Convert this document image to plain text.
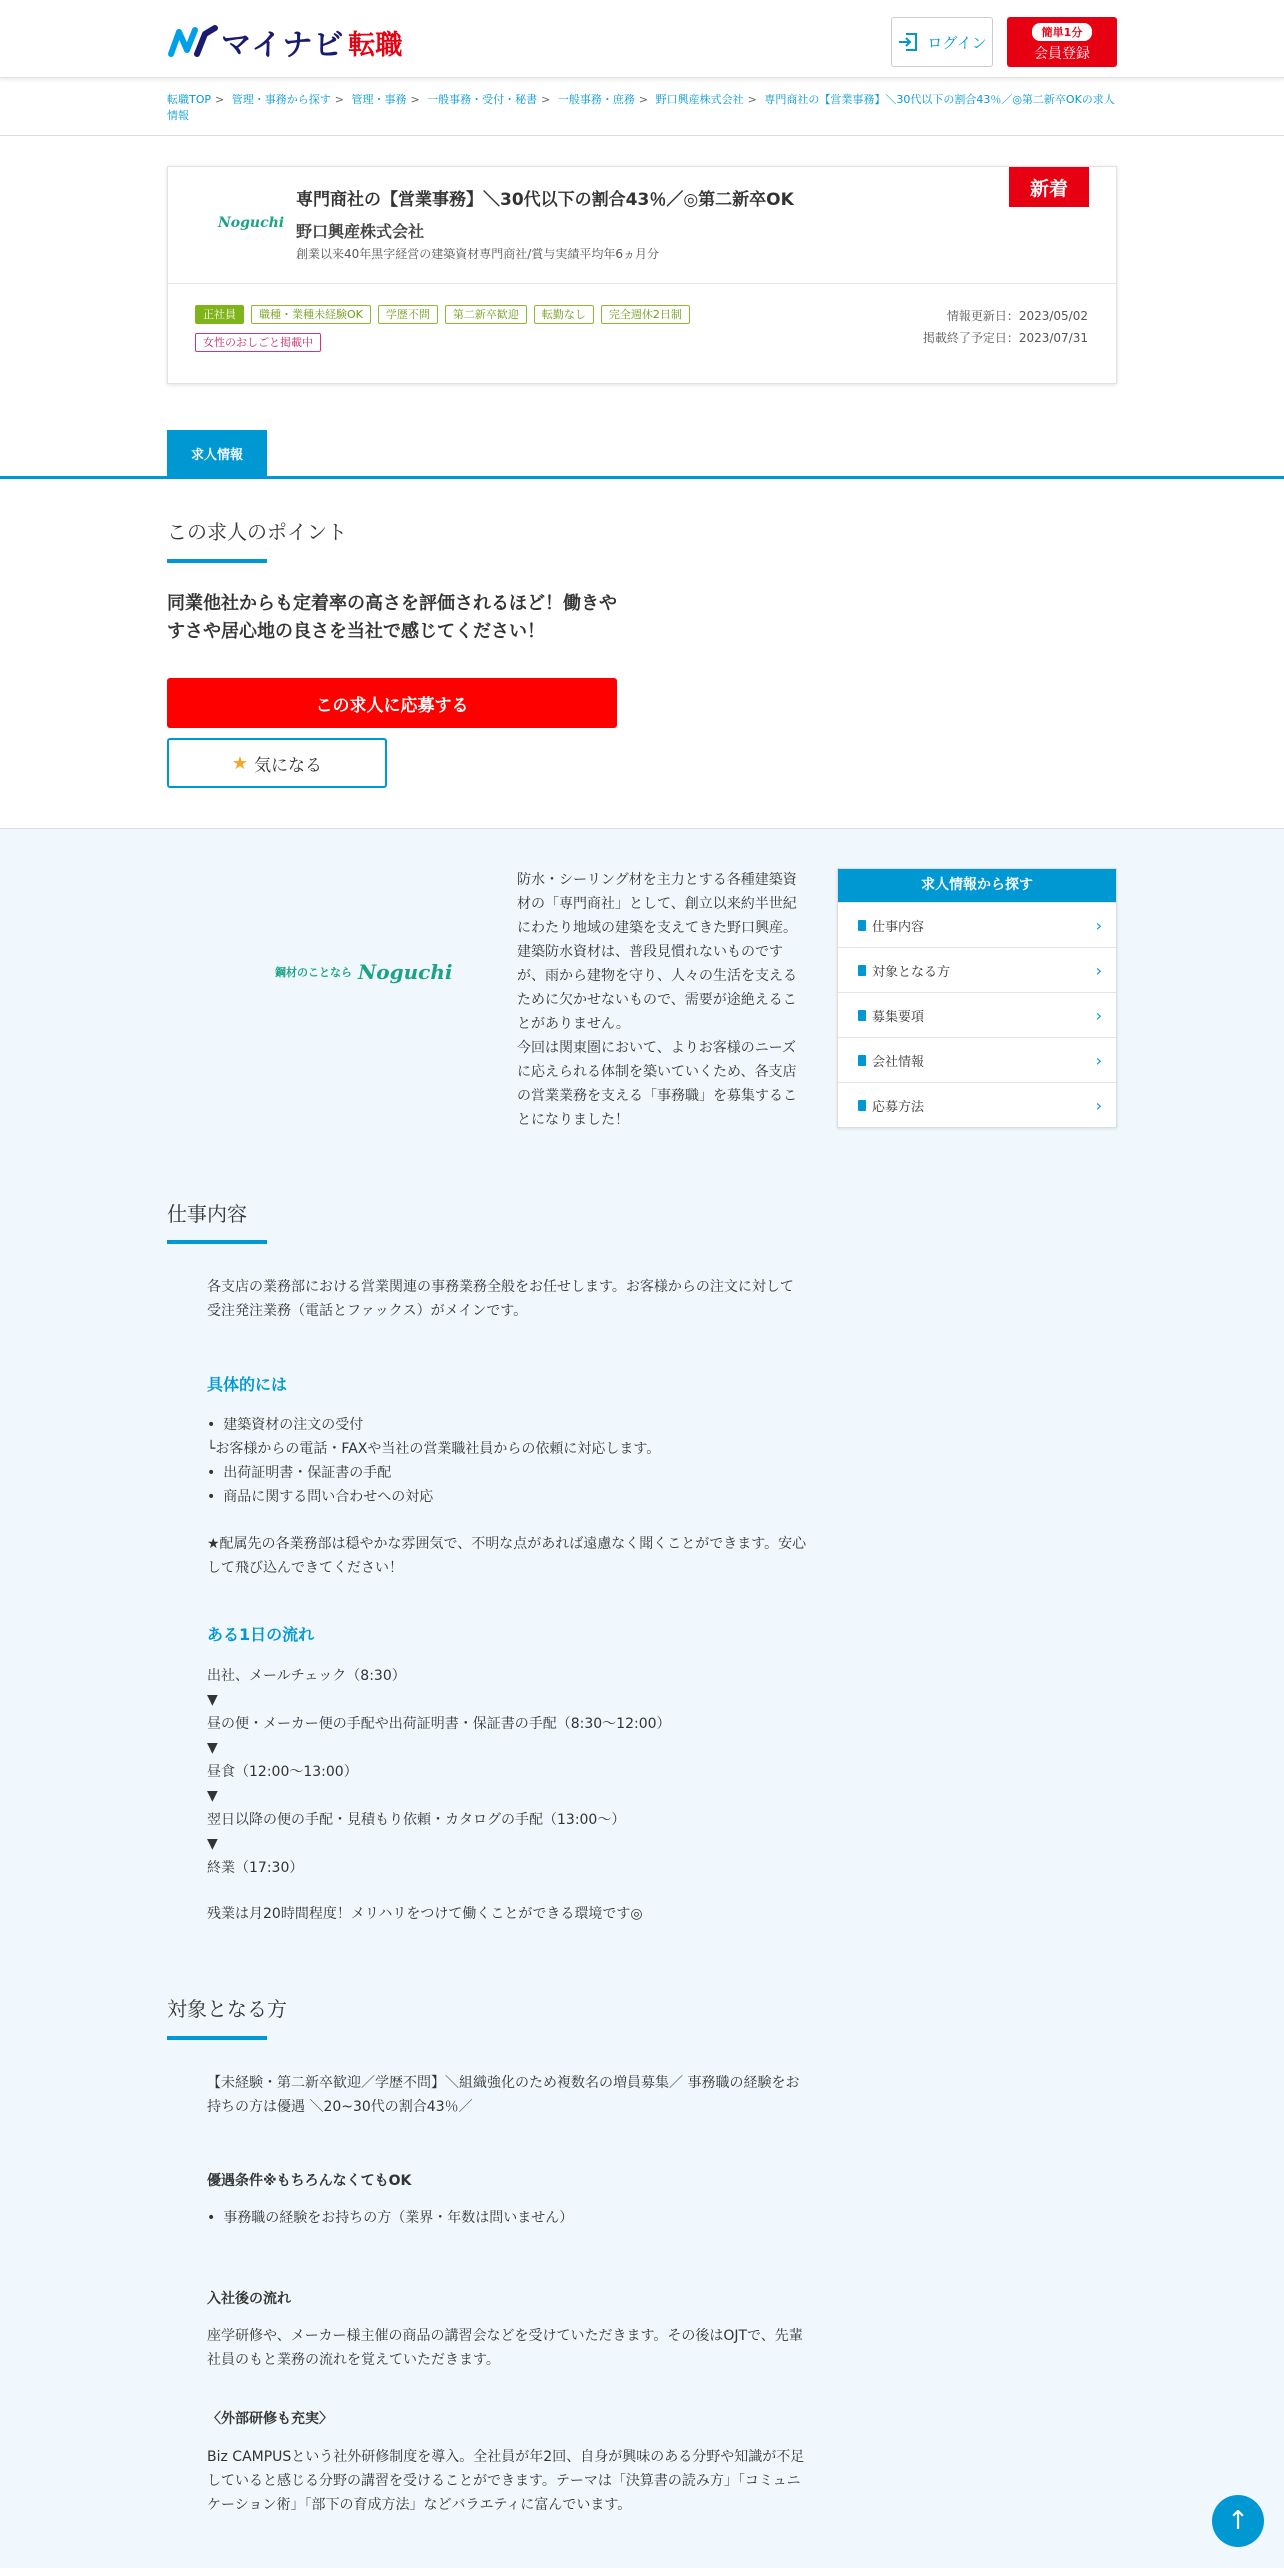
マイナビ 転職	ログイン
簡単1分
会員登録
転職TOP > 管理・事務から探す > 管理・事務 > 一般事務・受付・秘書 > 一般事務・庶務 > 野口興産株式会社 > 専門商社の【営業事務】＼30代以下の割合43％／◎第二新卒OKの求人情報
Noguchi
専門商社の【営業事務】＼30代以下の割合43％／◎第二新卒OK
野口興産株式会社
創業以来40年黒字経営の建築資材専門商社/賞与実績平均年6ヵ月分
新着
正社員 職種・業種未経験OK 学歴不問 第二新卒歓迎 転勤なし 完全週休2日制
女性のおしごと掲載中
情報更新日：2023/05/02
掲載終了予定日：2023/07/31
求人情報
この求人のポイント
同業他社からも定着率の高さを評価されるほど！働きやすさや居心地の良さを当社で感じてください！
この求人に応募する
★ 気になる
鋼材のことなら Noguchi
防水・シーリング材を主力とする各種建築資材の「専門商社」として、創立以来約半世紀にわたり地域の建築を支えてきた野口興産。建築防水資材は、普段見慣れないものですが、雨から建物を守り、人々の生活を支えるために欠かせないもので、需要が途絶えることがありません。
今回は関東圏において、よりお客様のニーズに応えられる体制を築いていくため、各支店の営業業務を支える「事務職」を募集することになりました！
求人情報から探す
仕事内容	›
対象となる方	›
募集要項	›
会社情報	›
応募方法	›
仕事内容
各支店の業務部における営業関連の事務業務全般をお任せします。お客様からの注文に対して受注発注業務（電話とファックス）がメインです。
具体的には
• 建築資材の注文の受付
└お客様からの電話・FAXや当社の営業職社員からの依頼に対応します。
• 出荷証明書・保証書の手配
• 商品に関する問い合わせへの対応
★配属先の各業務部は穏やかな雰囲気で、不明な点があれば遠慮なく聞くことができます。安心して飛び込んできてください！
ある1日の流れ
出社、メールチェック（8:30）
▼
昼の便・メーカー便の手配や出荷証明書・保証書の手配（8:30～12:00）
▼
昼食（12:00～13:00）
▼
翌日以降の便の手配・見積もり依頼・カタログの手配（13:00～）
▼
終業（17:30）
残業は月20時間程度！メリハリをつけて働くことができる環境です◎
対象となる方
【未経験・第二新卒歓迎／学歴不問】＼組織強化のため複数名の増員募集／ 事務職の経験をお持ちの方は優遇 ＼20~30代の割合43％／
優遇条件※もちろんなくてもOK
• 事務職の経験をお持ちの方（業界・年数は問いません）
入社後の流れ
座学研修や、メーカー様主催の商品の講習会などを受けていただきます。その後はOJTで、先輩社員のもと業務の流れを覚えていただきます。
〈外部研修も充実〉
Biz CAMPUSという社外研修制度を導入。全社員が年2回、自身が興味のある分野や知識が不足していると感じる分野の講習を受けることができます。テーマは「決算書の読み方」「コミュニケーション術」「部下の育成方法」などバラエティに富んでいます。
↑
